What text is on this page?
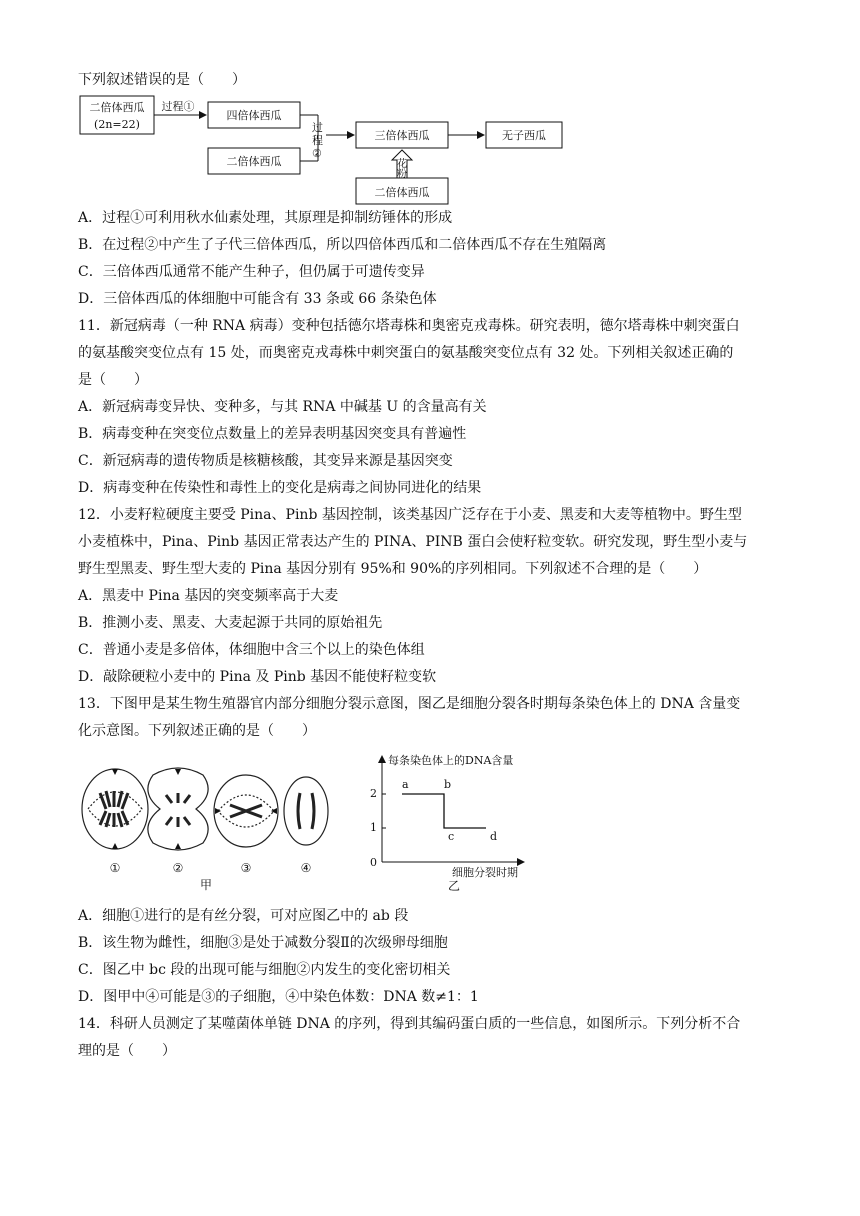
下列叙述错误的是（　　）
二倍体西瓜
(2n=22)
过程①
四倍体西瓜
二倍体西瓜
过
程
②
三倍体西瓜	无子西瓜
花
粉
二倍体西瓜
A．过程①可利用秋水仙素处理，其原理是抑制纺锤体的形成
B．在过程②中产生了子代三倍体西瓜，所以四倍体西瓜和二倍体西瓜不存在生殖隔离
C．三倍体西瓜通常不能产生种子，但仍属于可遗传变异
D．三倍体西瓜的体细胞中可能含有 33 条或 66 条染色体
11．新冠病毒（一种 RNA 病毒）变种包括德尔塔毒株和奥密克戎毒株。研究表明，德尔塔毒株中刺突蛋白
的氨基酸突变位点有 15 处，而奥密克戎毒株中刺突蛋白的氨基酸突变位点有 32 处。下列相关叙述正确的
是（　　）
A．新冠病毒变异快、变种多，与其 RNA 中碱基 U 的含量高有关
B．病毒变种在突变位点数量上的差异表明基因突变具有普遍性
C．新冠病毒的遗传物质是核糖核酸，其变异来源是基因突变
D．病毒变种在传染性和毒性上的变化是病毒之间协同进化的结果
12．小麦籽粒硬度主要受 Pina、Pinb 基因控制，该类基因广泛存在于小麦、黑麦和大麦等植物中。野生型
小麦植株中，Pina、Pinb 基因正常表达产生的 PINA、PINB 蛋白会使籽粒变软。研究发现，野生型小麦与
野生型黑麦、野生型大麦的 Pina 基因分别有 95%和 90%的序列相同。下列叙述不合理的是（　　）
A．黑麦中 Pina 基因的突变频率高于大麦
B．推测小麦、黑麦、大麦起源于共同的原始祖先
C．普通小麦是多倍体，体细胞中含三个以上的染色体组
D．敲除硬粒小麦中的 Pina 及 Pinb 基因不能使籽粒变软
13．下图甲是某生物生殖器官内部分细胞分裂示意图，图乙是细胞分裂各时期每条染色体上的 DNA 含量变
化示意图。下列叙述正确的是（　　）
①	②	③	④
甲
每条染色体上的DNA含量
细胞分裂时期
0
1
2
乙
a	b
c	d
A．细胞①进行的是有丝分裂，可对应图乙中的 ab 段
B．该生物为雌性，细胞③是处于减数分裂Ⅱ的次级卵母细胞
C．图乙中 bc 段的出现可能与细胞②内发生的变化密切相关
D．图甲中④可能是③的子细胞，④中染色体数：DNA 数≠1：1
14．科研人员测定了某噬菌体单链 DNA 的序列，得到其编码蛋白质的一些信息，如图所示。下列分析不合
理的是（　　）
